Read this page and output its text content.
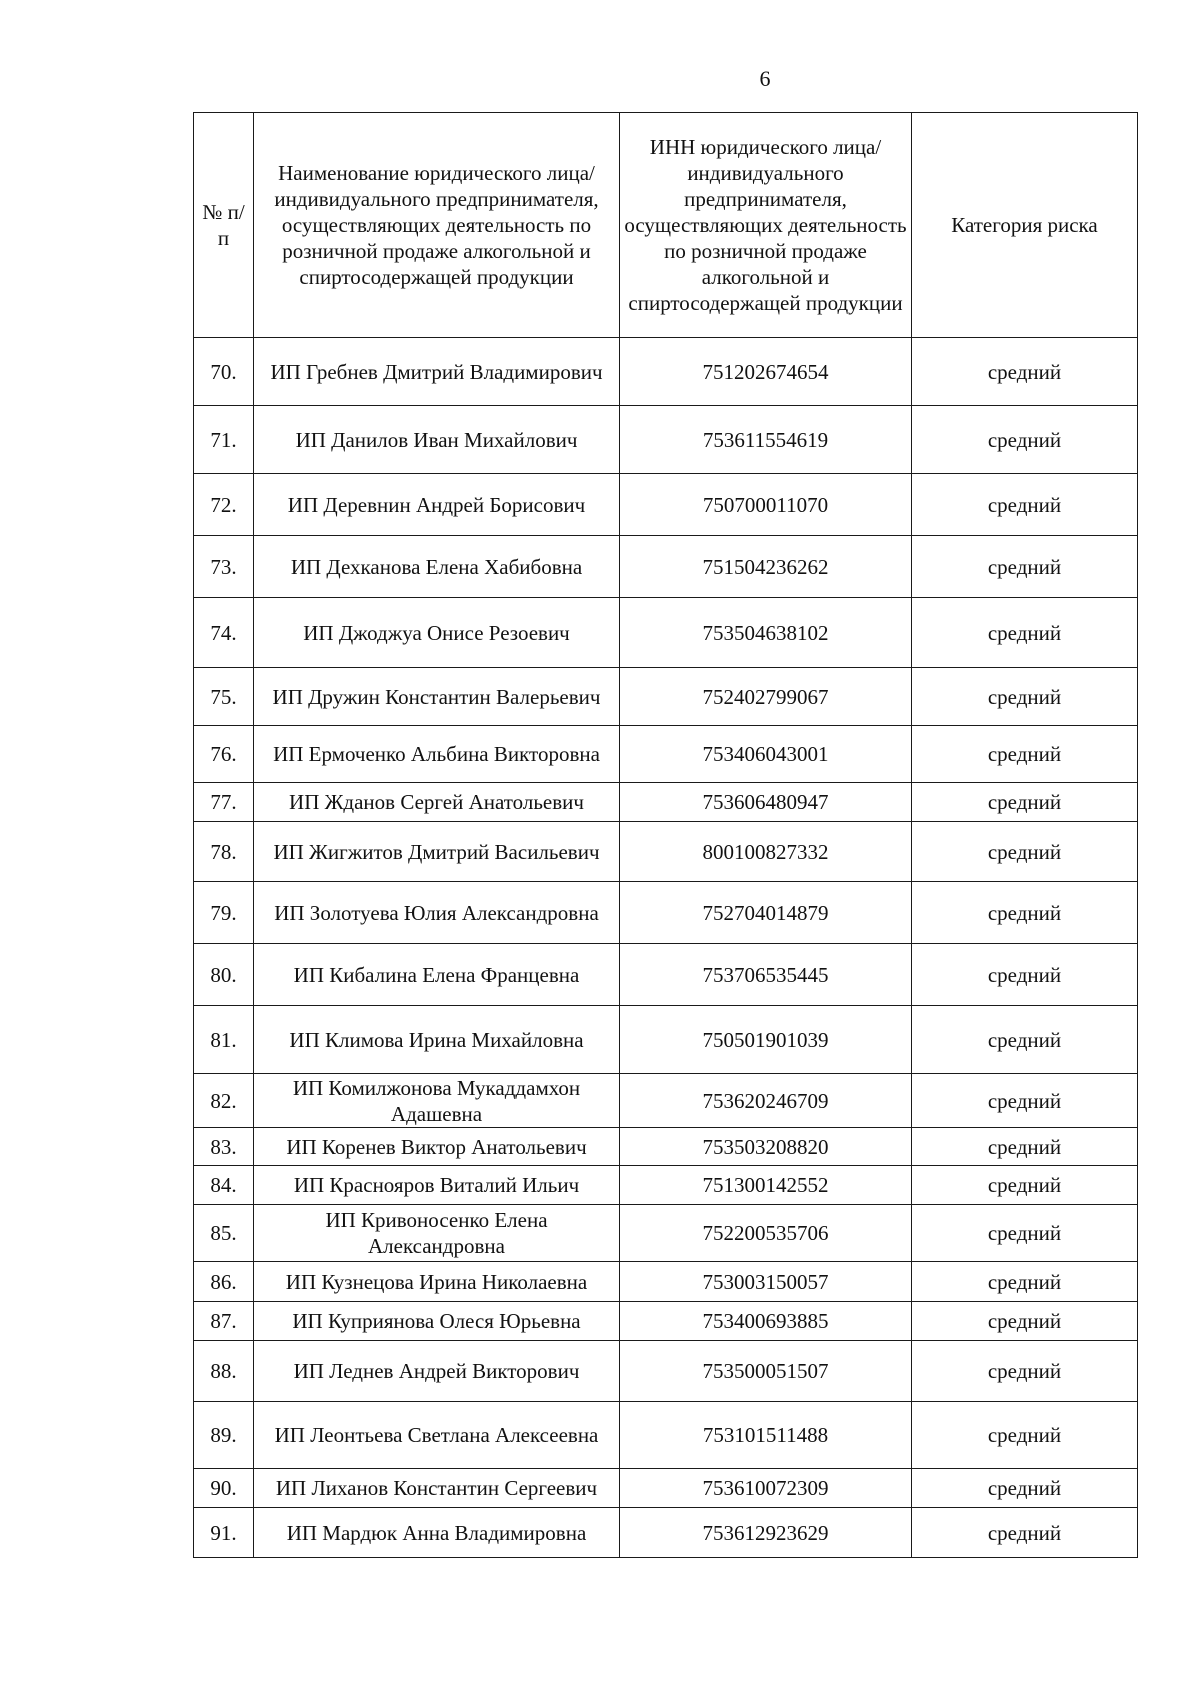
6
№ п/п	Наименование юридического лица/индивидуального предпринимателя, осуществляющих деятельность по розничной продаже алкогольной и спиртосодержащей продукции	ИНН юридического лица/индивидуального предпринимателя, осуществляющих деятельность по розничной продаже алкогольной и спиртосодержащей продукции	Категория риска
70.	ИП Гребнев Дмитрий Владимирович	751202674654	средний
71.	ИП Данилов Иван Михайлович	753611554619	средний
72.	ИП Деревнин Андрей Борисович	750700011070	средний
73.	ИП Дехканова Елена Хабибовна	751504236262	средний
74.	ИП Джоджуа Онисе Резоевич	753504638102	средний
75.	ИП Дружин Константин Валерьевич	752402799067	средний
76.	ИП Ермоченко Альбина Викторовна	753406043001	средний
77.	ИП Жданов Сергей Анатольевич	753606480947	средний
78.	ИП Жигжитов Дмитрий Васильевич	800100827332	средний
79.	ИП Золотуева Юлия Александровна	752704014879	средний
80.	ИП Кибалина Елена Францевна	753706535445	средний
81.	ИП Климова Ирина Михайловна	750501901039	средний
82.	ИП Комилжонова Мукаддамхон Адашевна	753620246709	средний
83.	ИП Коренев Виктор Анатольевич	753503208820	средний
84.	ИП Краснояров Виталий Ильич	751300142552	средний
85.	ИП Кривоносенко Елена Александровна	752200535706	средний
86.	ИП Кузнецова Ирина Николаевна	753003150057	средний
87.	ИП Куприянова Олеся Юрьевна	753400693885	средний
88.	ИП Леднев Андрей Викторович	753500051507	средний
89.	ИП Леонтьева Светлана Алексеевна	753101511488	средний
90.	ИП Лиханов Константин Сергеевич	753610072309	средний
91.	ИП Мардюк Анна Владимировна	753612923629	средний
